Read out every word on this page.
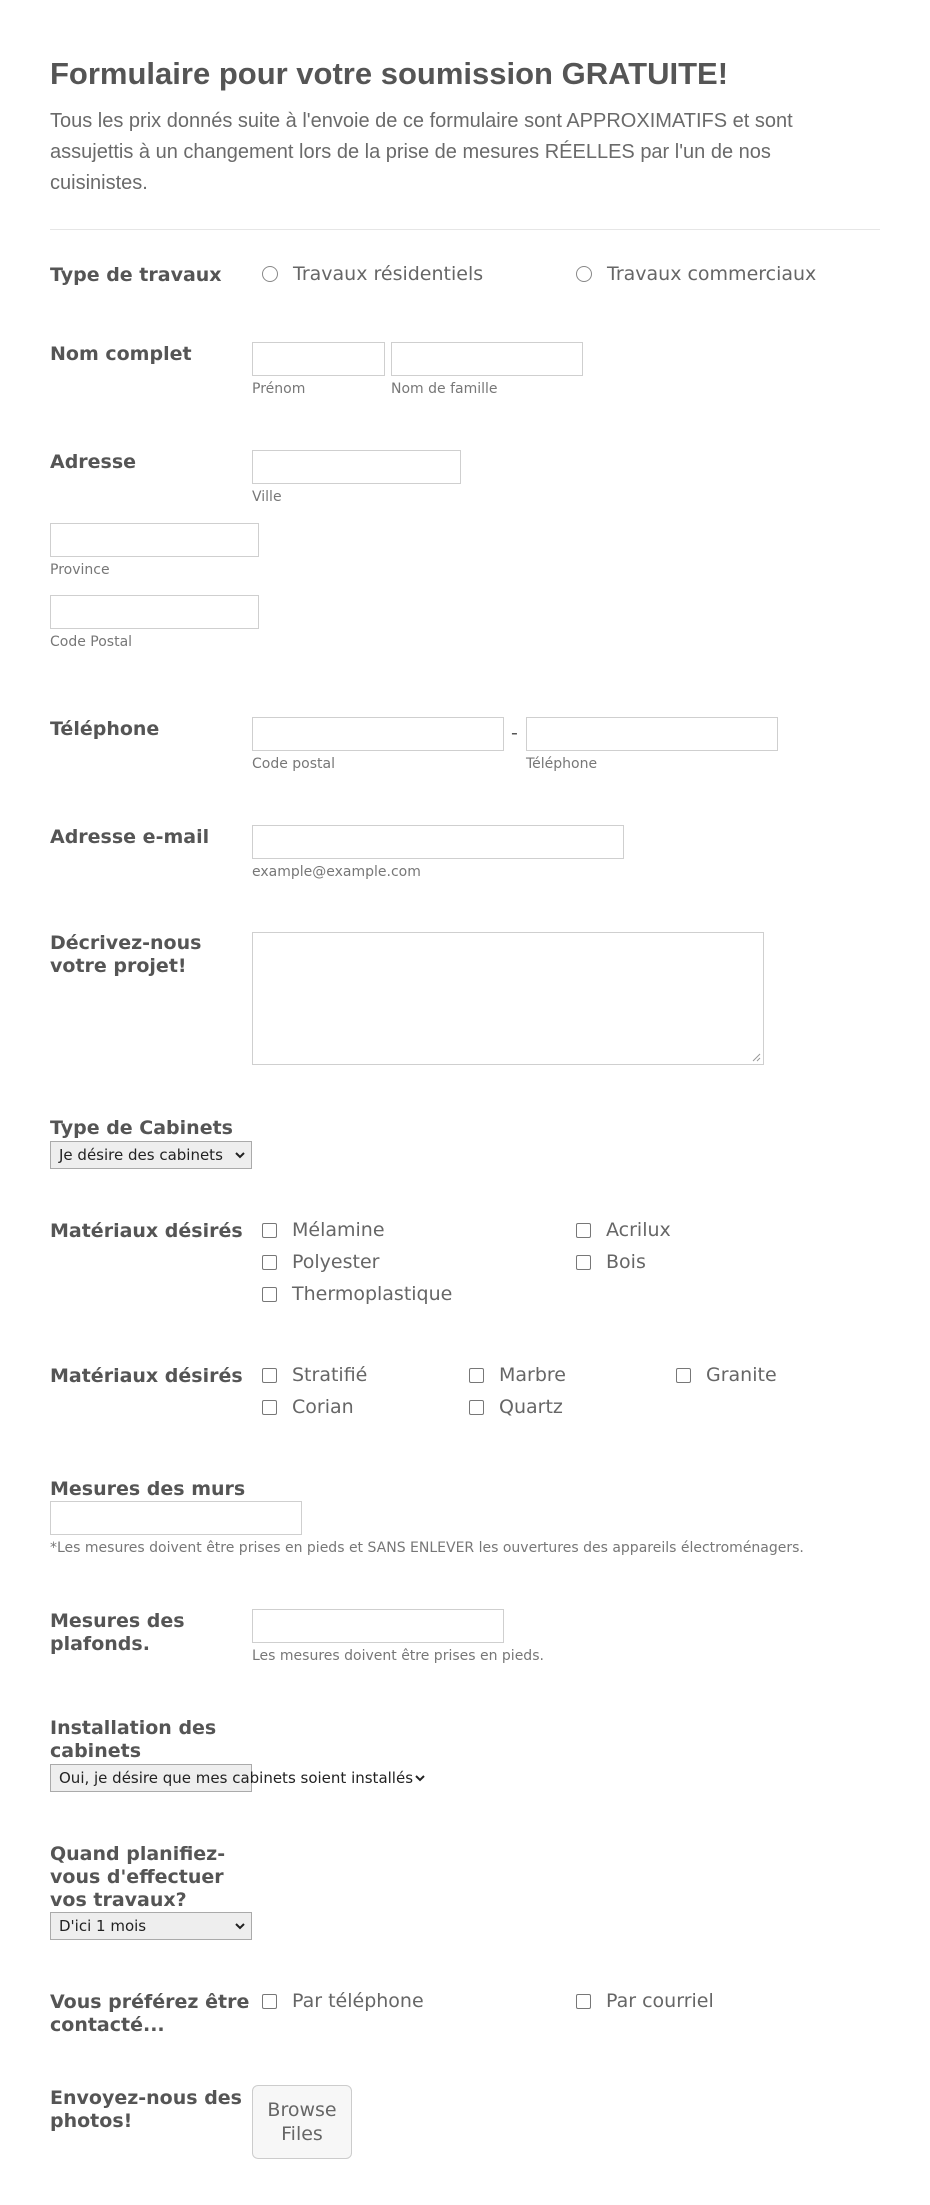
Formulaire pour votre soumission GRATUITE!
Tous les prix donnés suite à l'envoie de ce formulaire sont APPROXIMATIFS et sont assujettis à un changement lors de la prise de mesures RÉELLES par l'un de nos cuisinistes.
Type de travaux	Travaux résidentiels	Travaux commerciaux
Nom complet
Prénom	Nom de famille
Adresse
Ville
Province
Code Postal
Téléphone	-
Code postal	Téléphone
Adresse e-mail
example@example.com
Décrivez-nous
votre projet!
Type de Cabinets
Je désire des cabinets
Matériaux désirés	Mélamine	Acrilux
Polyester	Bois
Thermoplastique
Matériaux désirés	Stratifié	Marbre	Granite
Corian	Quartz
Mesures des murs
*Les mesures doivent être prises en pieds et SANS ENLEVER les ouvertures des appareils électroménagers.
Mesures des
plafonds.
Les mesures doivent être prises en pieds.
Installation des
cabinets
Oui, je désire que mes cabinets soient installés
Quand planifiez-
vous d'effectuer
vos travaux?
D'ici 1 mois
Vous préférez être
contacté...
Par téléphone	Par courriel
Envoyez-nous des
photos!	Browse
Files
